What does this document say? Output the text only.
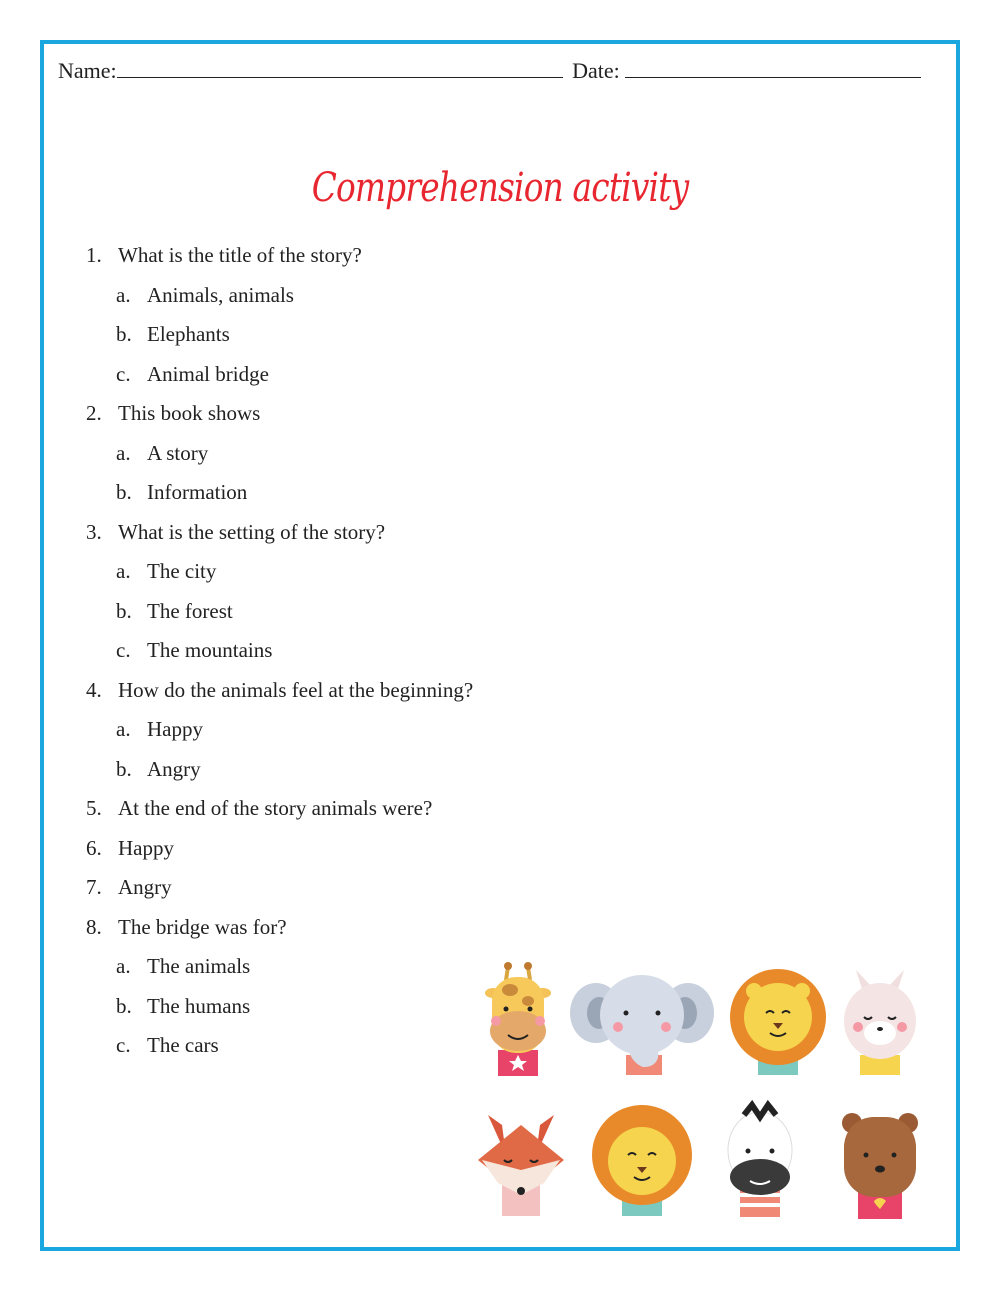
Name:	Date:
Comprehension activity
1. What is the title of the story?
a. Animals, animals
b. Elephants
c. Animal bridge
2. This book shows
a. A story
b. Information
3. What is the setting of the story?
a. The city
b. The forest
c. The mountains
4. How do the animals feel at the beginning?
a. Happy
b. Angry
5. At the end of the story animals were?
6. Happy
7. Angry
8. The bridge was for?
a. The animals
b. The humans
c. The cars
